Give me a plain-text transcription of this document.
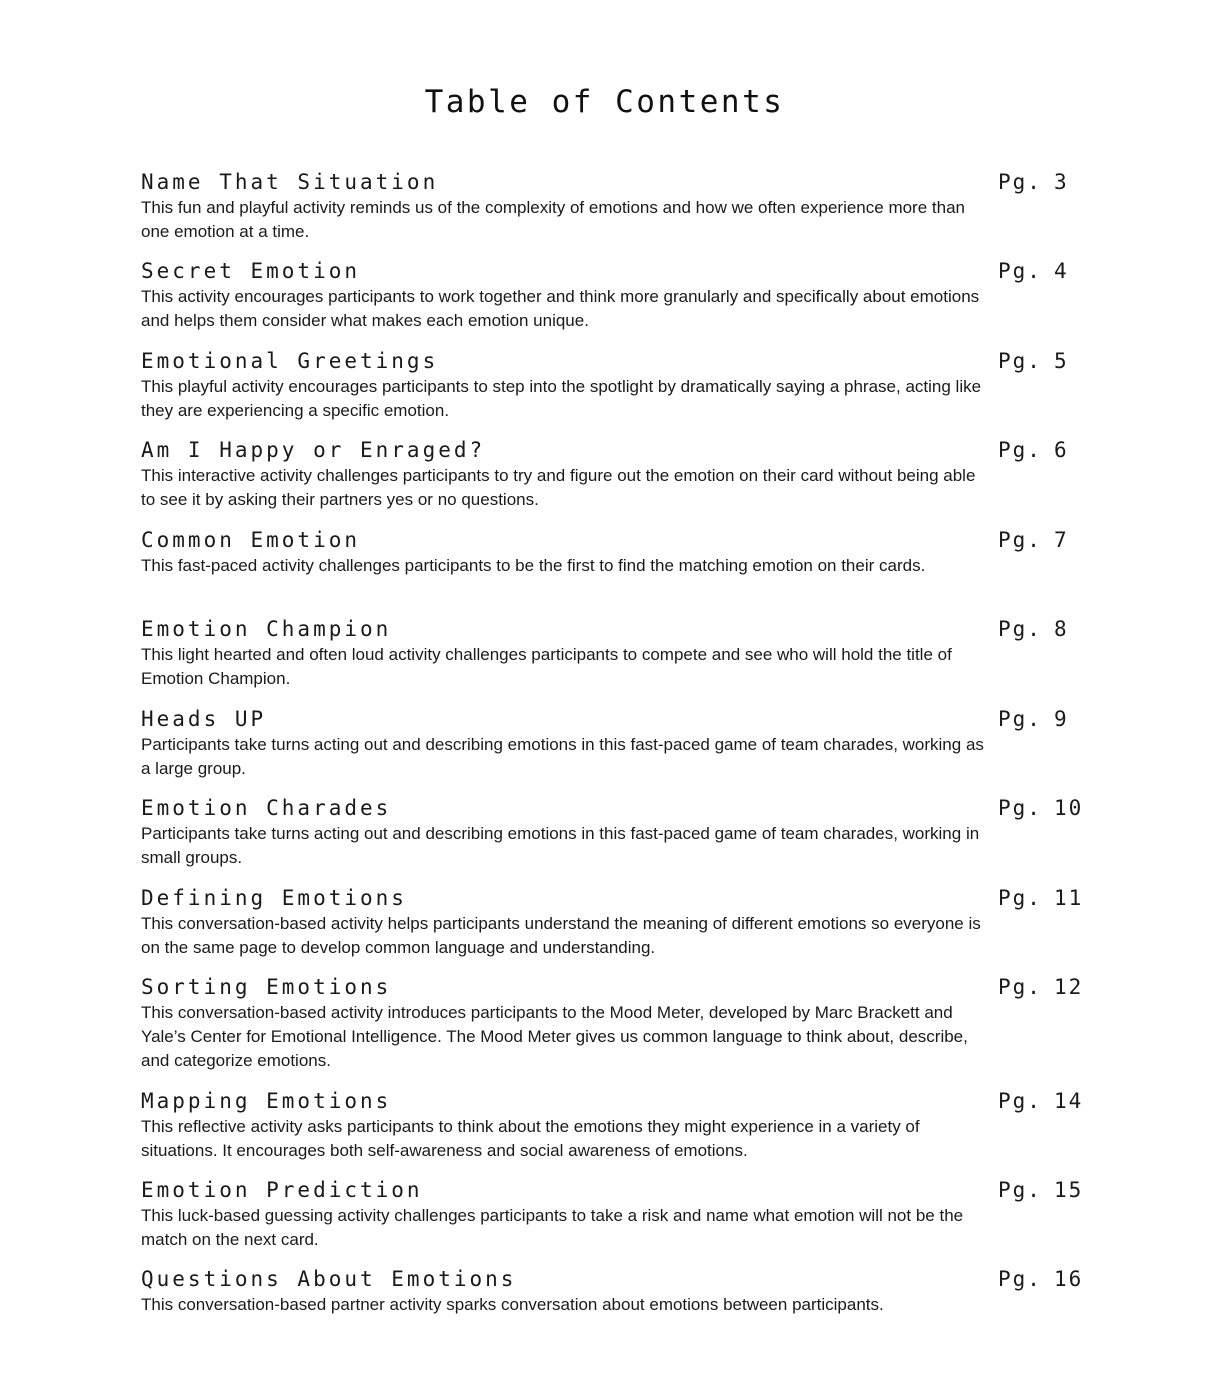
Table of Contents
Name That Situation
This fun and playful activity reminds us of the complexity of emotions and how we often experience more than one emotion at a time.
Pg. 3
Secret Emotion
This activity encourages participants to work together and think more granularly and specifically about emotions and helps them consider what makes each emotion unique.
Pg. 4
Emotional Greetings
This playful activity encourages participants to step into the spotlight by dramatically saying a phrase, acting like they are experiencing a specific emotion.
Pg. 5
Am I Happy or Enraged?
This interactive activity challenges participants to try and figure out the emotion on their card without being able to see it by asking their partners yes or no questions.
Pg. 6
Common Emotion
This fast-paced activity challenges participants to be the first to find the matching emotion on their cards.
Pg. 7
Emotion Champion
This light hearted and often loud activity challenges participants to compete and see who will hold the title of Emotion Champion.
Pg. 8
Heads UP
Participants take turns acting out and describing emotions in this fast-paced game of team charades, working as a large group.
Pg. 9
Emotion Charades
Participants take turns acting out and describing emotions in this fast-paced game of team charades, working in small groups.
Pg. 10
Defining Emotions
This conversation-based activity helps participants understand the meaning of different emotions so everyone is on the same page to develop common language and understanding.
Pg. 11
Sorting Emotions
This conversation-based activity introduces participants to the Mood Meter, developed by Marc Brackett and Yale’s Center for Emotional Intelligence. The Mood Meter gives us common language to think about, describe, and categorize emotions.
Pg. 12
Mapping Emotions
This reflective activity asks participants to think about the emotions they might experience in a variety of situations. It encourages both self-awareness and social awareness of emotions.
Pg. 14
Emotion Prediction
This luck-based guessing activity challenges participants to take a risk and name what emotion will not be the match on the next card.
Pg. 15
Questions About Emotions
This conversation-based partner activity sparks conversation about emotions between participants.
Pg. 16
